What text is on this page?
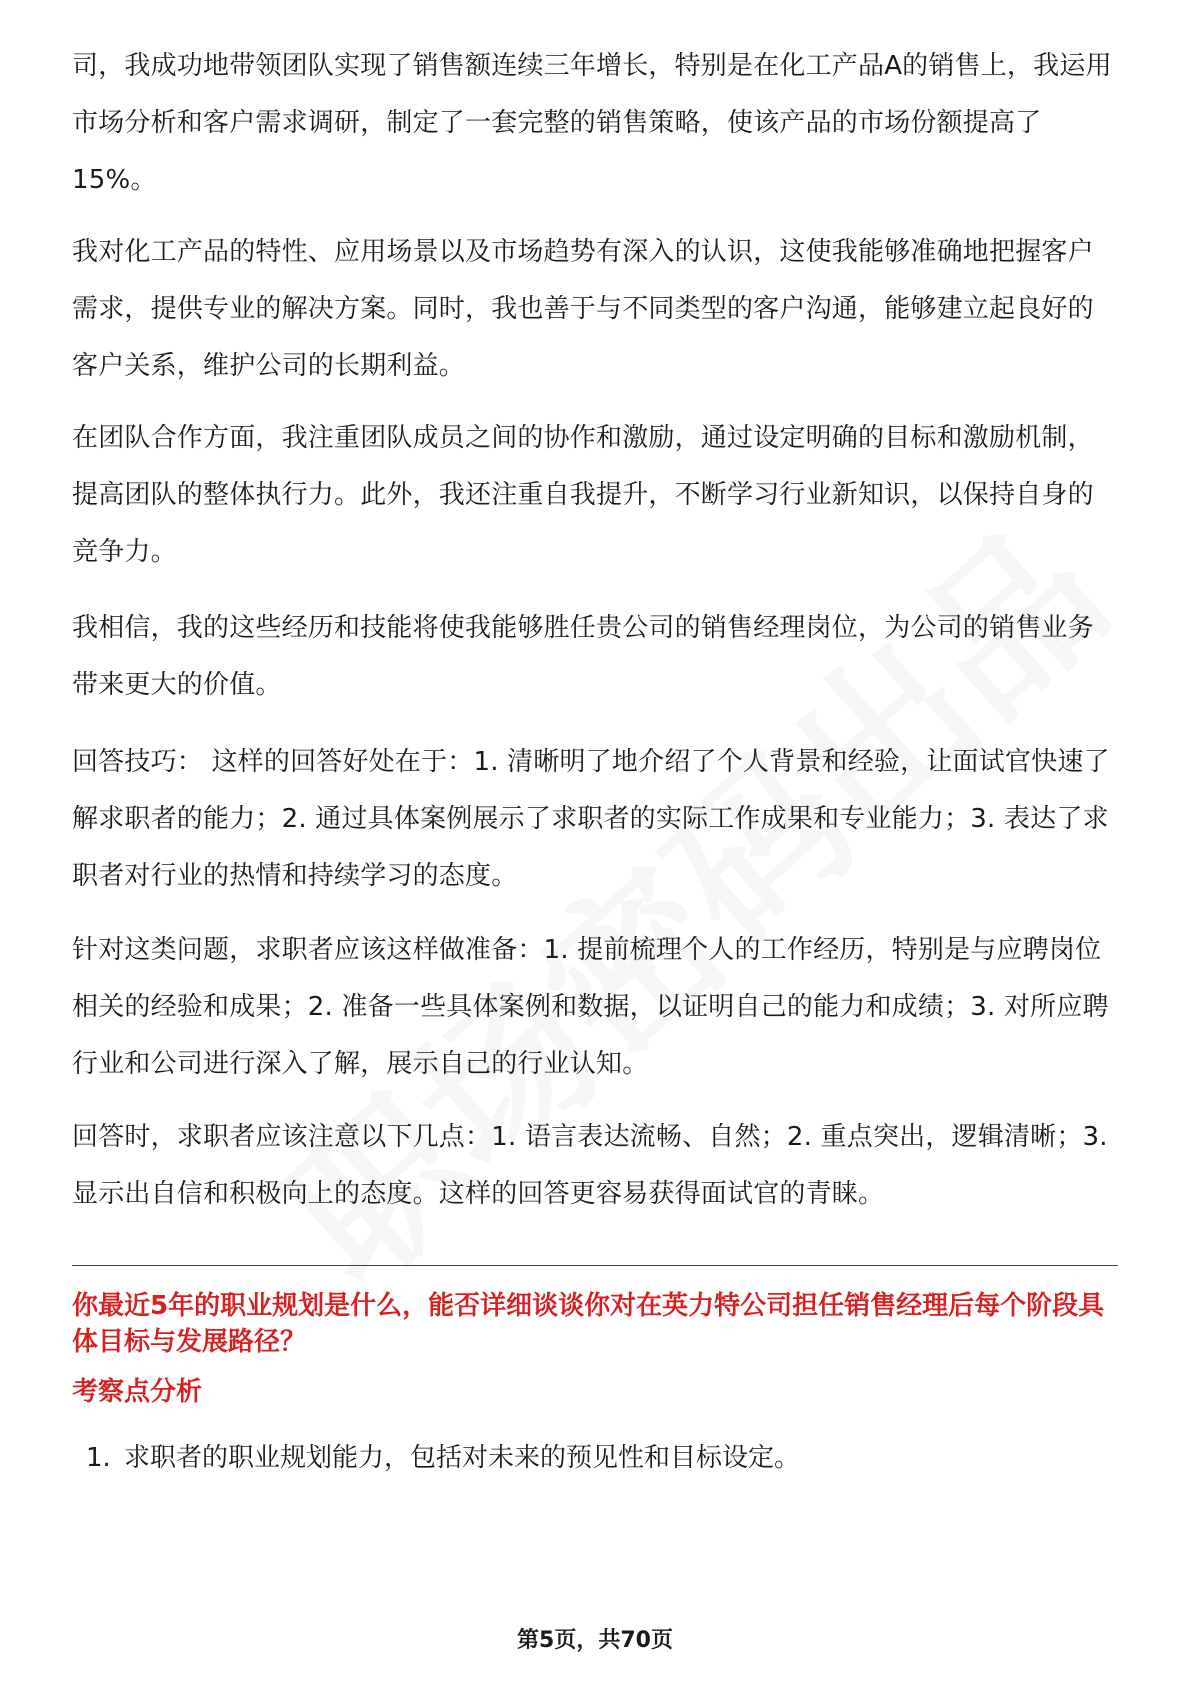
司，我成功地带领团队实现了销售额连续三年增长，特别是在化工产品A的销售上，我运用市场分析和客户需求调研，制定了一套完整的销售策略，使该产品的市场份额提高了15%。

我对化工产品的特性、应用场景以及市场趋势有深入的认识，这使我能够准确地把握客户需求，提供专业的解决方案。同时，我也善于与不同类型的客户沟通，能够建立起良好的客户关系，维护公司的长期利益。

在团队合作方面，我注重团队成员之间的协作和激励，通过设定明确的目标和激励机制，提高团队的整体执行力。此外，我还注重自我提升，不断学习行业新知识，以保持自身的竞争力。

我相信，我的这些经历和技能将使我能够胜任贵公司的销售经理岗位，为公司的销售业务带来更大的价值。

回答技巧： 这样的回答好处在于：1. 清晰明了地介绍了个人背景和经验，让面试官快速了解求职者的能力；2. 通过具体案例展示了求职者的实际工作成果和专业能力；3. 表达了求职者对行业的热情和持续学习的态度。

针对这类问题，求职者应该这样做准备：1. 提前梳理个人的工作经历，特别是与应聘岗位相关的经验和成果；2. 准备一些具体案例和数据，以证明自己的能力和成绩；3. 对所应聘行业和公司进行深入了解，展示自己的行业认知。

回答时，求职者应该注意以下几点：1. 语言表达流畅、自然；2. 重点突出，逻辑清晰；3. 显示出自信和积极向上的态度。这样的回答更容易获得面试官的青睐。

你最近5年的职业规划是什么，能否详细谈谈你对在英力特公司担任销售经理后每个阶段具体目标与发展路径？

考察点分析

1. 求职者的职业规划能力，包括对未来的预见性和目标设定。

第5页，共70页
